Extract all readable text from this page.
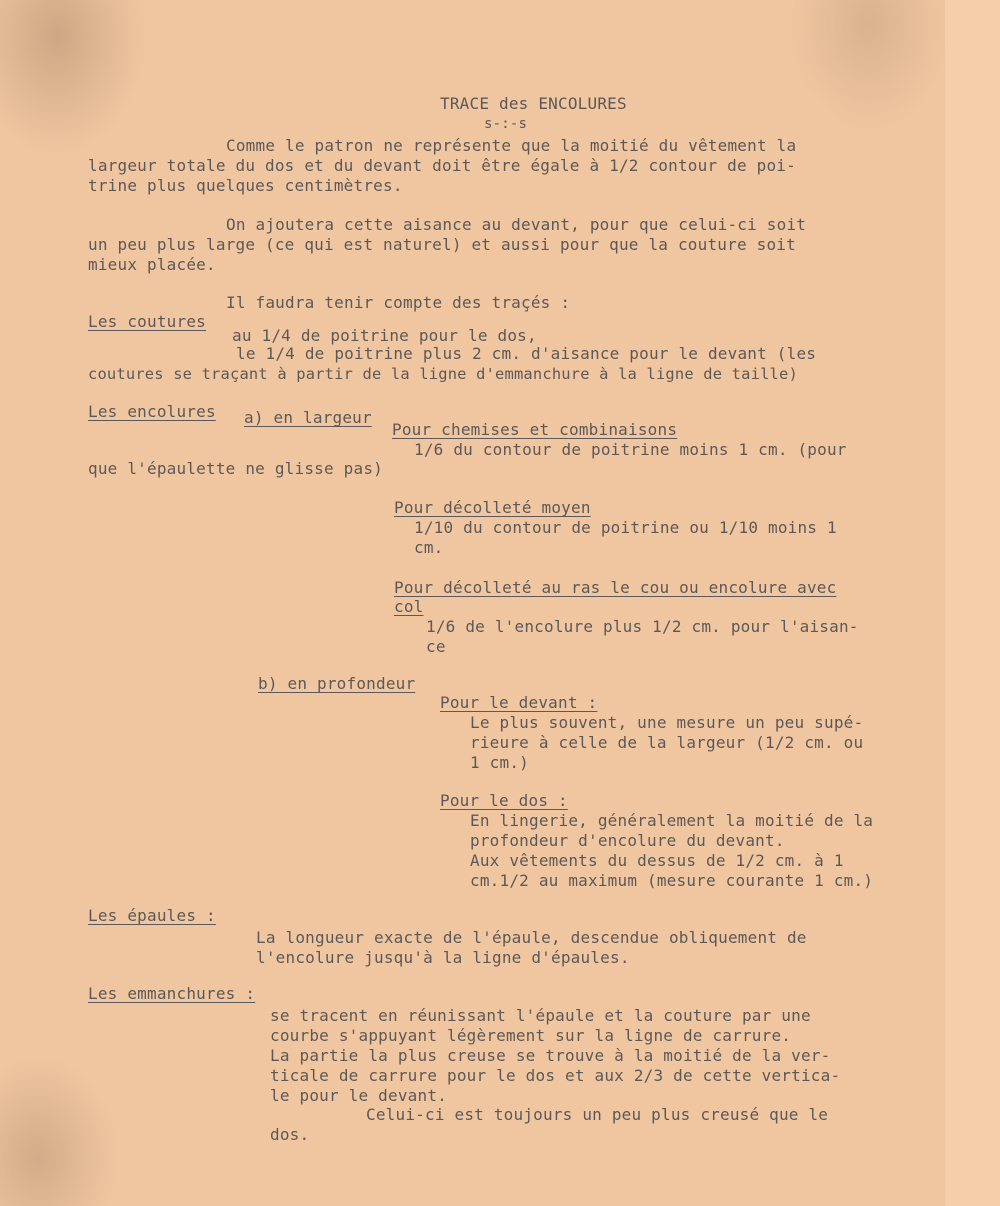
TRACE des ENCOLURES
s-:-s
Comme le patron ne représente que la moitié du vêtement la
largeur totale du dos et du devant doit être égale à 1/2 contour de poi-
trine plus quelques centimètres.
On ajoutera cette aisance au devant, pour que celui-ci soit
un peu plus large (ce qui est naturel) et aussi pour que la couture soit
mieux placée.
Il faudra tenir compte des traçés :
Les coutures
au 1/4 de poitrine pour le dos,
le 1/4 de poitrine plus 2 cm. d'aisance pour le devant (les
coutures se traçant à partir de la ligne d'emmanchure à la ligne de taille)
Les encolures a) en largeur
Pour chemises et combinaisons
1/6 du contour de poitrine moins 1 cm. (pour
que l'épaulette ne glisse pas)
Pour décolleté moyen
1/10 du contour de poitrine ou 1/10 moins 1
cm.
Pour décolleté au ras le cou ou encolure avec
col
1/6 de l'encolure plus 1/2 cm. pour l'aisan-
ce
b) en profondeur
Pour le devant :
Le plus souvent, une mesure un peu supé-
rieure à celle de la largeur (1/2 cm. ou
1 cm.)
Pour le dos :
En lingerie, généralement la moitié de la
profondeur d'encolure du devant.
Aux vêtements du dessus de 1/2 cm. à 1
cm.1/2 au maximum (mesure courante 1 cm.)
Les épaules :
La longueur exacte de l'épaule, descendue obliquement de
l'encolure jusqu'à la ligne d'épaules.
Les emmanchures :
se tracent en réunissant l'épaule et la couture par une
courbe s'appuyant légèrement sur la ligne de carrure.
La partie la plus creuse se trouve à la moitié de la ver-
ticale de carrure pour le dos et aux 2/3 de cette vertica-
le pour le devant.
Celui-ci est toujours un peu plus creusé que le
dos.
